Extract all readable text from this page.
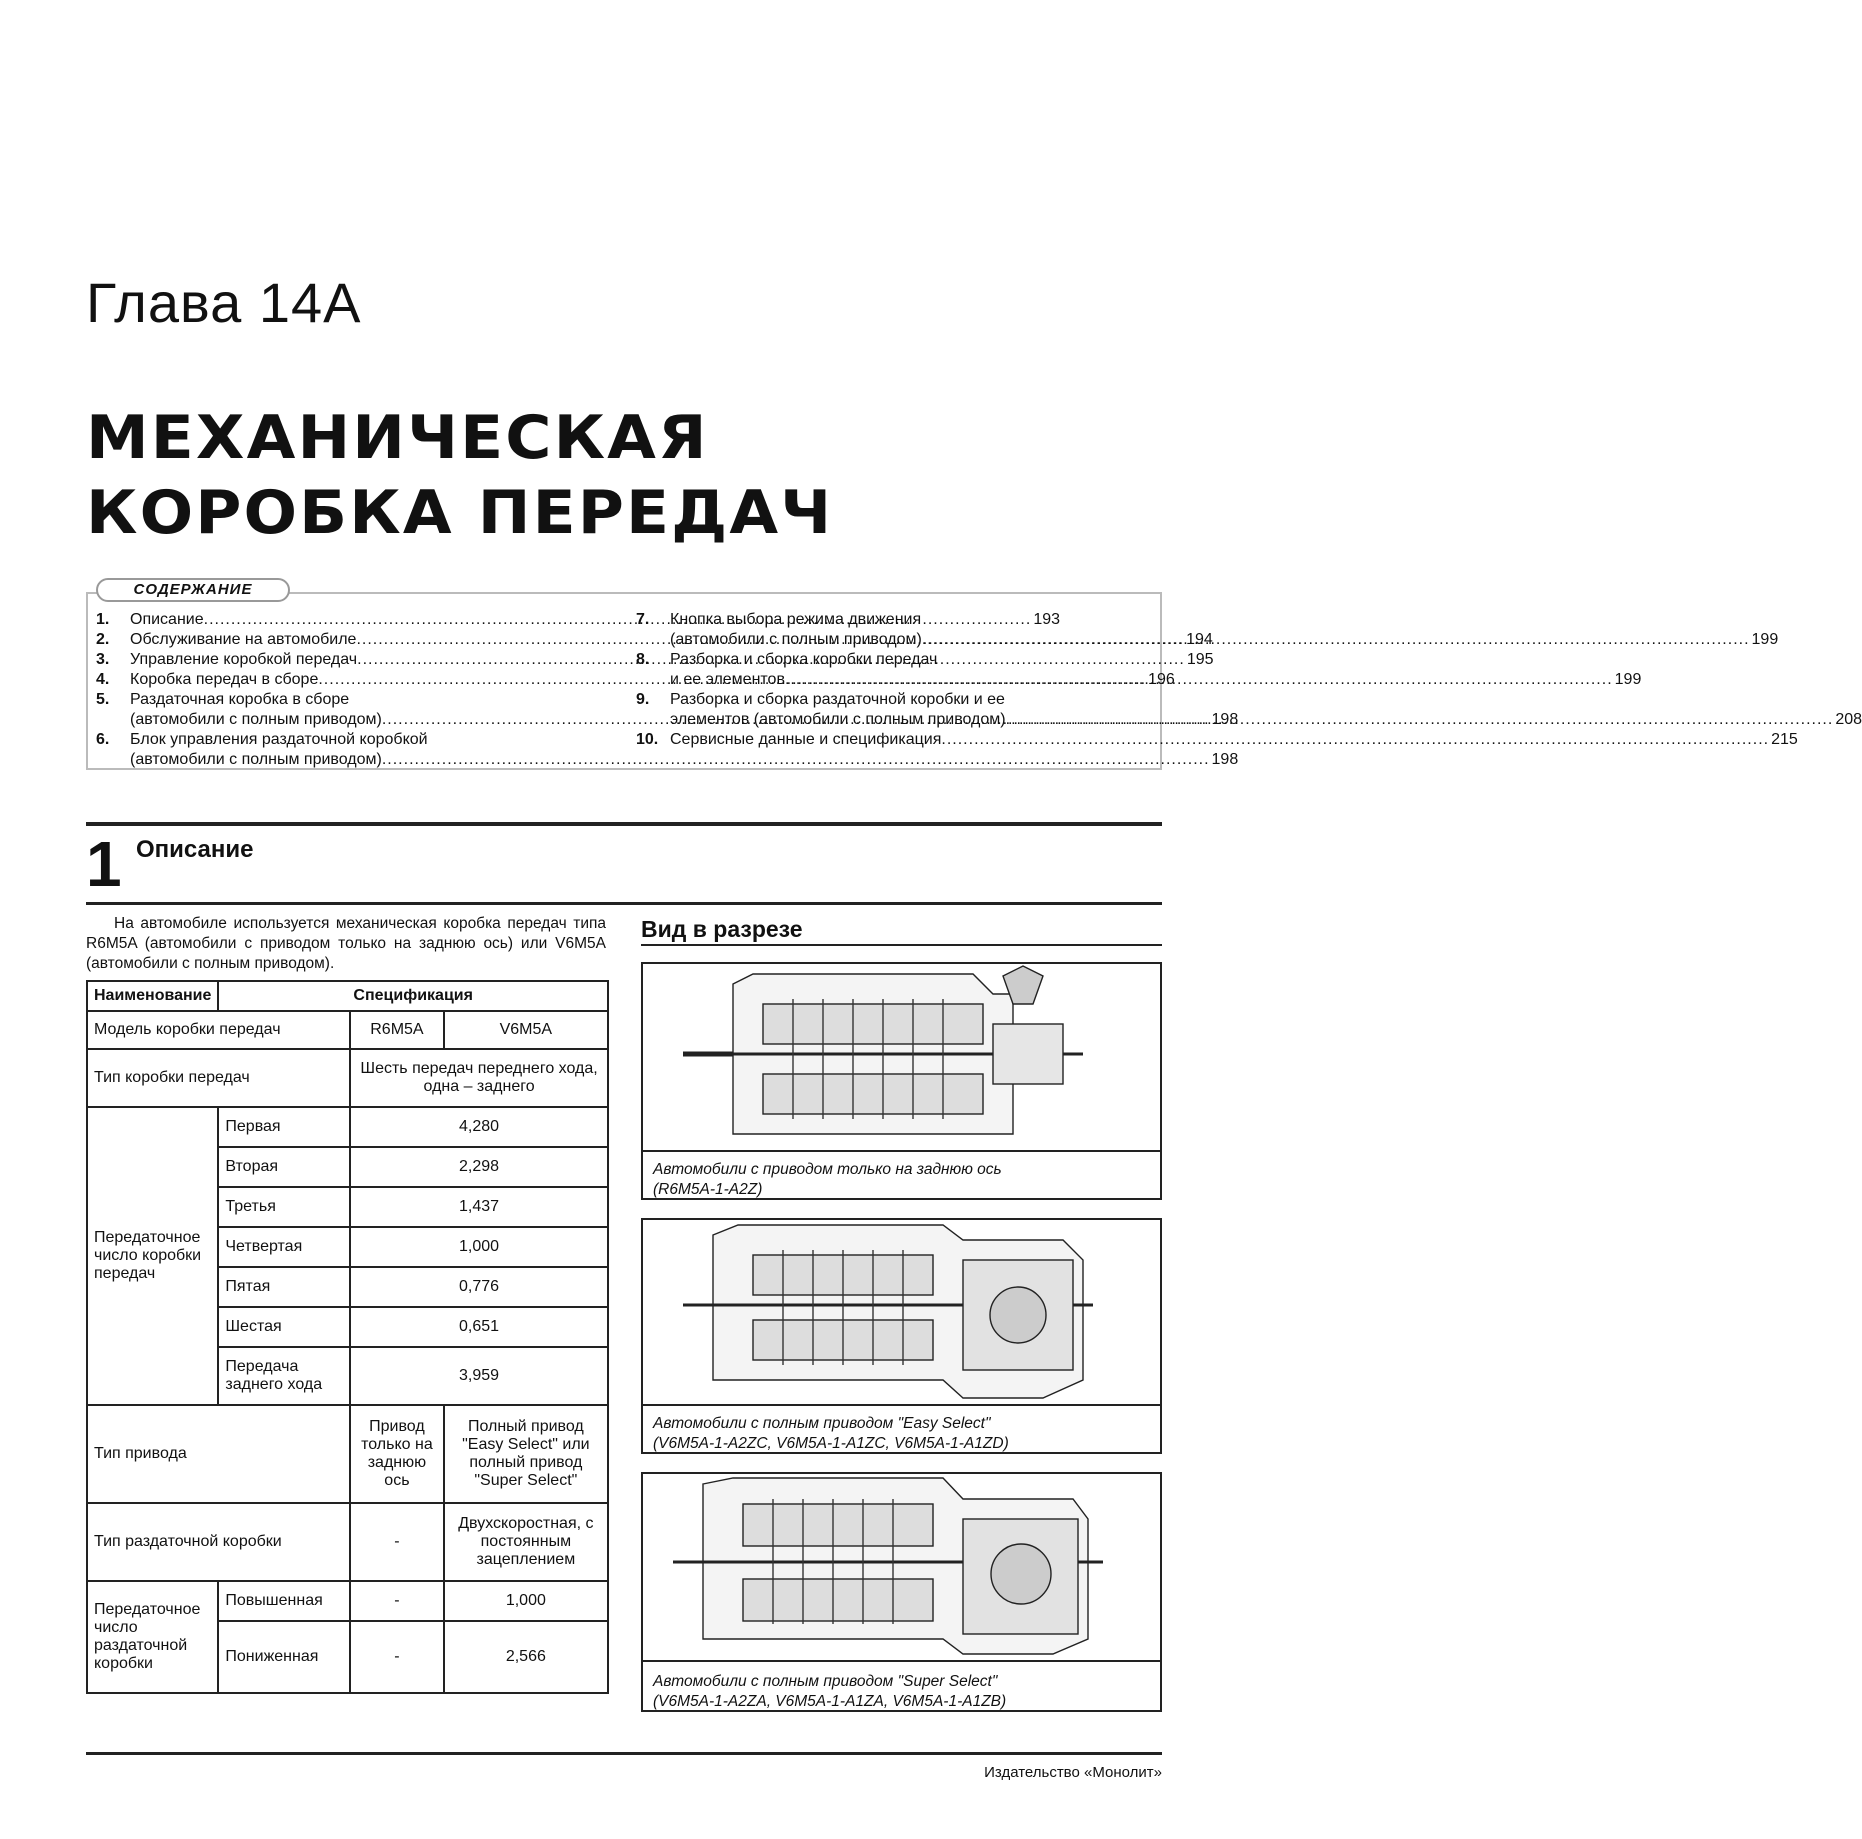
Глава 14А
МЕХАНИЧЕСКАЯ
КОРОБКА ПЕРЕДАЧ
СОДЕРЖАНИЕ
1.	Описание .....	193
2.	Обслуживание на автомобиле .....	194
3.	Управление коробкой передач .....	195
4.	Коробка передач в сборе .....	196
5.	Раздаточная коробка в сборе
(автомобили с полным приводом) .....	198
6.	Блок управления раздаточной коробкой
(автомобили с полным приводом) .....	198
7.	Кнопка выбора режима движения
(автомобили с полным приводом) .....	199
8.	Разборка и сборка коробки передач
и ее элементов .....	199
9.	Разборка и сборка раздаточной коробки и ее
элементов (автомобили с полным приводом) .....	208
10. Сервисные данные и спецификация .....	215
1 Описание
На автомобиле используется механическая коробка передач типа R6M5A (автомобили с приводом только на заднюю ось) или V6M5A (автомобили с полным приводом).
Наименование	Спецификация		
Модель коробки передач		R6M5A	V6M5A
Тип коробки передач		Шесть передач переднего хода, одна – заднего	
Передаточное число коробки передач	Первая	4,280	
	Вторая	2,298	
	Третья	1,437	
	Четвертая	1,000	
	Пятая	0,776	
	Шестая	0,651	
	Передача заднего хода	3,959	
Тип привода		Привод только на заднюю ось	Полный привод "Easy Select" или полный привод "Super Select"
Тип раздаточной коробки		-	Двухскоростная, с постоянным зацеплением
Передаточное число раздаточной коробки	Повышенная	-	1,000
	Пониженная	-	2,566
Вид в разрезе
Автомобили с приводом только на заднюю ось
(R6M5A-1-A2Z)
Автомобили с полным приводом "Easy Select"
(V6M5A-1-A2ZC, V6M5A-1-A1ZC, V6M5A-1-A1ZD)
Автомобили с полным приводом "Super Select"
(V6M5A-1-A2ZA, V6M5A-1-A1ZA, V6M5A-1-A1ZB)
Издательство «Монолит»
